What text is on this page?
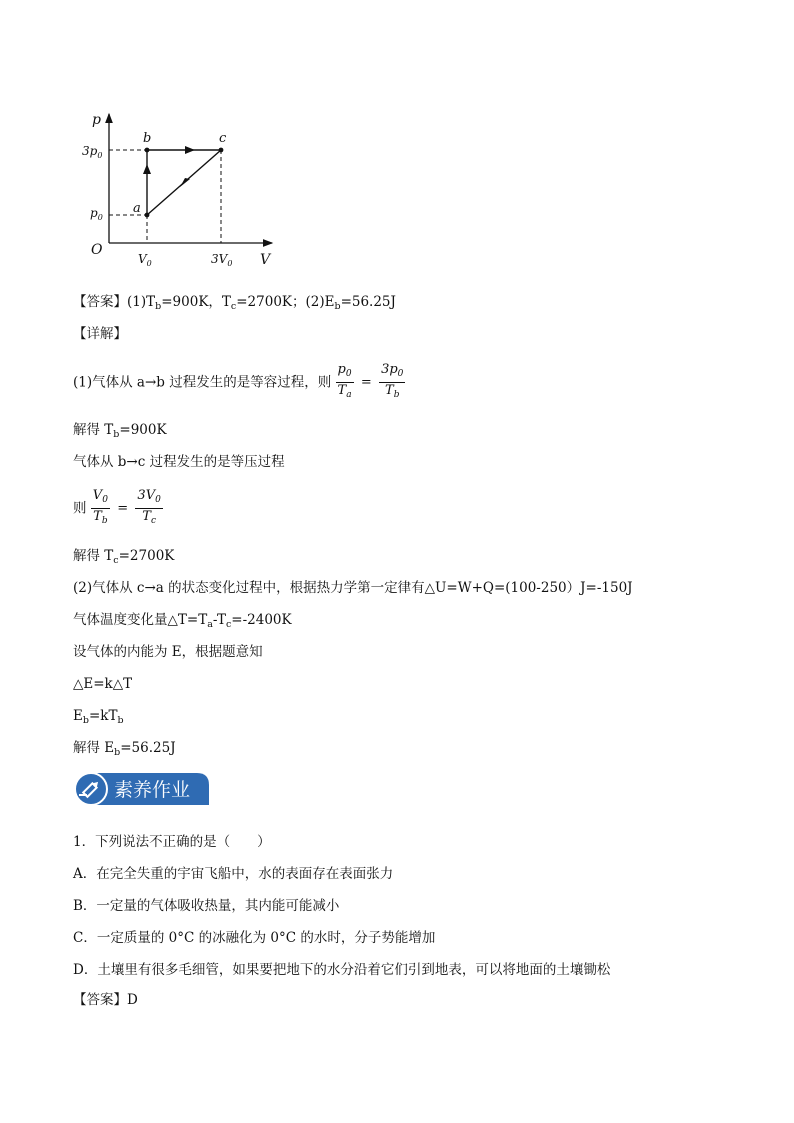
p
V
O
a
b	c
$3p_0$
$p_0$
$V_0$	$3V_0$
【答案】$(1)T_b=900K$，$T_c=2700K$；$(2)E_b=56.25J$
【详解】
(1)气体从 a→b 过程发生的是等容过程，则 $\frac{p_0}{T_a} = \frac{3p_0}{T_b}$
解得 $T_b=900K$
气体从 b→c 过程发生的是等压过程
则 $\frac{V_0}{T_b} = \frac{3V_0}{T_c}$
解得 $T_c=2700K$
(2)气体从 c→a 的状态变化过程中，根据热力学第一定律有△U=W+Q=(100-250）J=-150J
气体温度变化量$\triangle T=T_a-T_c=-2400K$
设气体的内能为 E，根据题意知
△E=k△T
$E_b=kT_b$
解得 $E_b=56.25J$
素养作业
1．下列说法不正确的是（　　）
A．在完全失重的宇宙飞船中，水的表面存在表面张力
B．一定量的气体吸收热量，其内能可能减小
C．一定质量的 0°C 的冰融化为 0°C 的水时，分子势能增加
D．土壤里有很多毛细管，如果要把地下的水分沿着它们引到地表，可以将地面的土壤锄松
【答案】D
